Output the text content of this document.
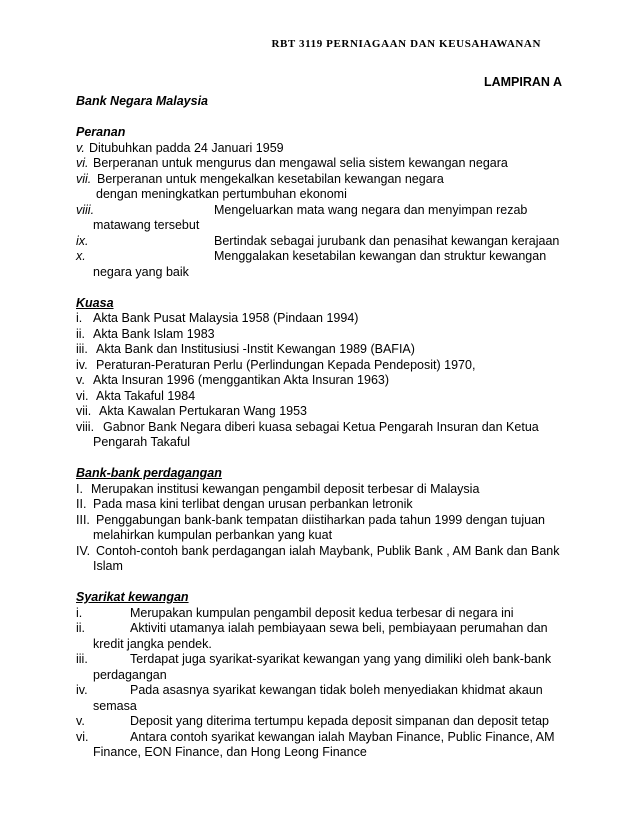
RBT 3119 PERNIAGAAN DAN KEUSAHAWANAN
LAMPIRAN A
Bank Negara Malaysia
Peranan
v. Ditubuhkan padda 24 Januari 1959
vi. Berperanan untuk mengurus dan mengawal selia sistem kewangan negara
vii. Berperanan untuk mengekalkan kesetabilan kewangan negara
dengan meningkatkan pertumbuhan ekonomi
viii.	Mengeluarkan mata wang negara dan menyimpan rezab
matawang tersebut
ix.	Bertindak sebagai jurubank dan penasihat kewangan kerajaan
x.	Menggalakan kesetabilan kewangan dan struktur kewangan
negara yang baik
Kuasa
i. Akta Bank Pusat Malaysia 1958 (Pindaan 1994)
ii. Akta Bank Islam 1983
iii. Akta Bank dan Institusiusi -Instit Kewangan 1989 (BAFIA)
iv. Peraturan-Peraturan Perlu (Perlindungan Kepada Pendeposit) 1970,
v. Akta Insuran 1996 (menggantikan Akta Insuran 1963)
vi. Akta Takaful 1984
vii. Akta Kawalan Pertukaran Wang 1953
viii. Gabnor Bank Negara diberi kuasa sebagai Ketua Pengarah Insuran dan Ketua
Pengarah Takaful
Bank-bank perdagangan
I. Merupakan institusi kewangan pengambil deposit terbesar di Malaysia
II. Pada masa kini terlibat dengan urusan perbankan letronik
III. Penggabungan bank-bank tempatan diistiharkan pada tahun 1999 dengan tujuan
melahirkan kumpulan perbankan yang kuat
IV. Contoh-contoh bank perdagangan ialah Maybank, Publik Bank , AM Bank dan Bank
Islam
Syarikat kewangan
i.	Merupakan kumpulan pengambil deposit kedua terbesar di negara ini
ii.	Aktiviti utamanya ialah pembiayaan sewa beli, pembiayaan perumahan dan
kredit jangka pendek.
iii.	Terdapat juga syarikat-syarikat kewangan yang yang dimiliki oleh bank-bank
perdagangan
iv.	Pada asasnya syarikat kewangan tidak boleh menyediakan khidmat akaun
semasa
v.	Deposit yang diterima tertumpu kepada deposit simpanan dan deposit tetap
vi.	Antara contoh syarikat kewangan ialah Mayban Finance, Public Finance, AM
Finance, EON Finance, dan Hong Leong Finance
